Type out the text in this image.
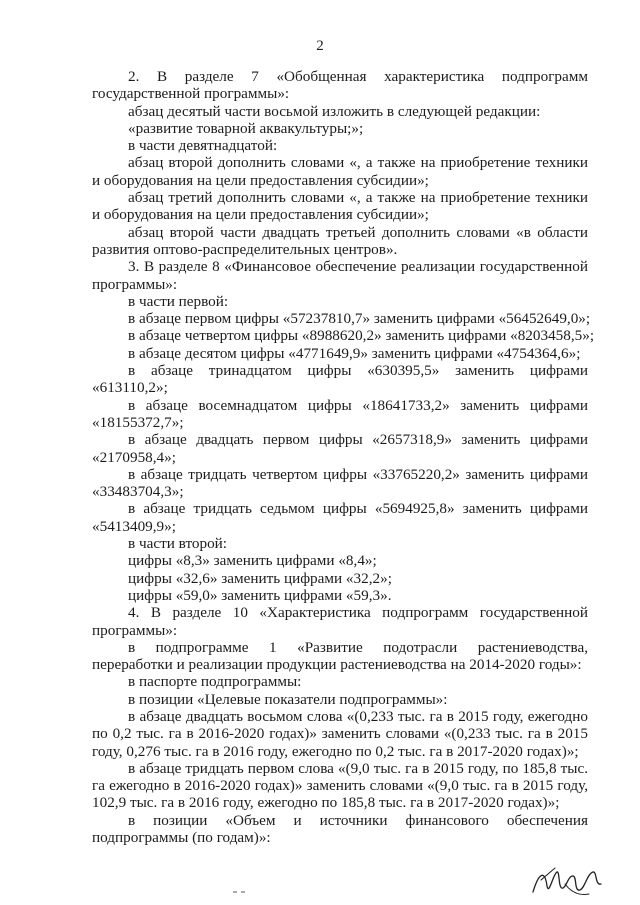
2

2. В разделе 7 «Обобщенная характеристика подпрограмм государственной программы»:

абзац десятый части восьмой изложить в следующей редакции:

«развитие товарной аквакультуры;»;

в части девятнадцатой:

абзац второй дополнить словами «, а также на приобретение техники и оборудования на цели предоставления субсидии»;

абзац третий дополнить словами «, а также на приобретение техники и оборудования на цели предоставления субсидии»;

абзац второй части двадцать третьей дополнить словами «в области развития оптово-распределительных центров».

3. В разделе 8 «Финансовое обеспечение реализации государственной программы»:

в части первой:

в абзаце первом цифры «57237810,7» заменить цифрами «56452649,0»;

в абзаце четвертом цифры «8988620,2» заменить цифрами «8203458,5»;

в абзаце десятом цифры «4771649,9» заменить цифрами «4754364,6»;

в абзаце тринадцатом цифры «630395,5» заменить цифрами «613110,2»;

в абзаце восемнадцатом цифры «18641733,2» заменить цифрами «18155372,7»;

в абзаце двадцать первом цифры «2657318,9» заменить цифрами «2170958,4»;

в абзаце тридцать четвертом цифры «33765220,2» заменить цифрами «33483704,3»;

в абзаце тридцать седьмом цифры «5694925,8» заменить цифрами «5413409,9»;

в части второй:

цифры «8,3» заменить цифрами «8,4»;

цифры «32,6» заменить цифрами «32,2»;

цифры «59,0» заменить цифрами «59,3».

4. В разделе 10 «Характеристика подпрограмм государственной программы»:

в подпрограмме 1 «Развитие подотрасли растениеводства, переработки и реализации продукции растениеводства на 2014-2020 годы»:

в паспорте подпрограммы:

в позиции «Целевые показатели подпрограммы»:

в абзаце двадцать восьмом слова «(0,233 тыс. га в 2015 году, ежегодно по 0,2 тыс. га в 2016-2020 годах)» заменить словами «(0,233 тыс. га в 2015 году, 0,276 тыс. га в 2016 году, ежегодно по 0,2 тыс. га в 2017-2020 годах)»;

в абзаце тридцать первом слова «(9,0 тыс. га в 2015 году, по 185,8 тыс. га ежегодно в 2016-2020 годах)» заменить словами «(9,0 тыс. га в 2015 году, 102,9 тыс. га в 2016 году, ежегодно по 185,8 тыс. га в 2017-2020 годах)»;

в позиции «Объем и источники финансового обеспечения подпрограммы (по годам)»:
